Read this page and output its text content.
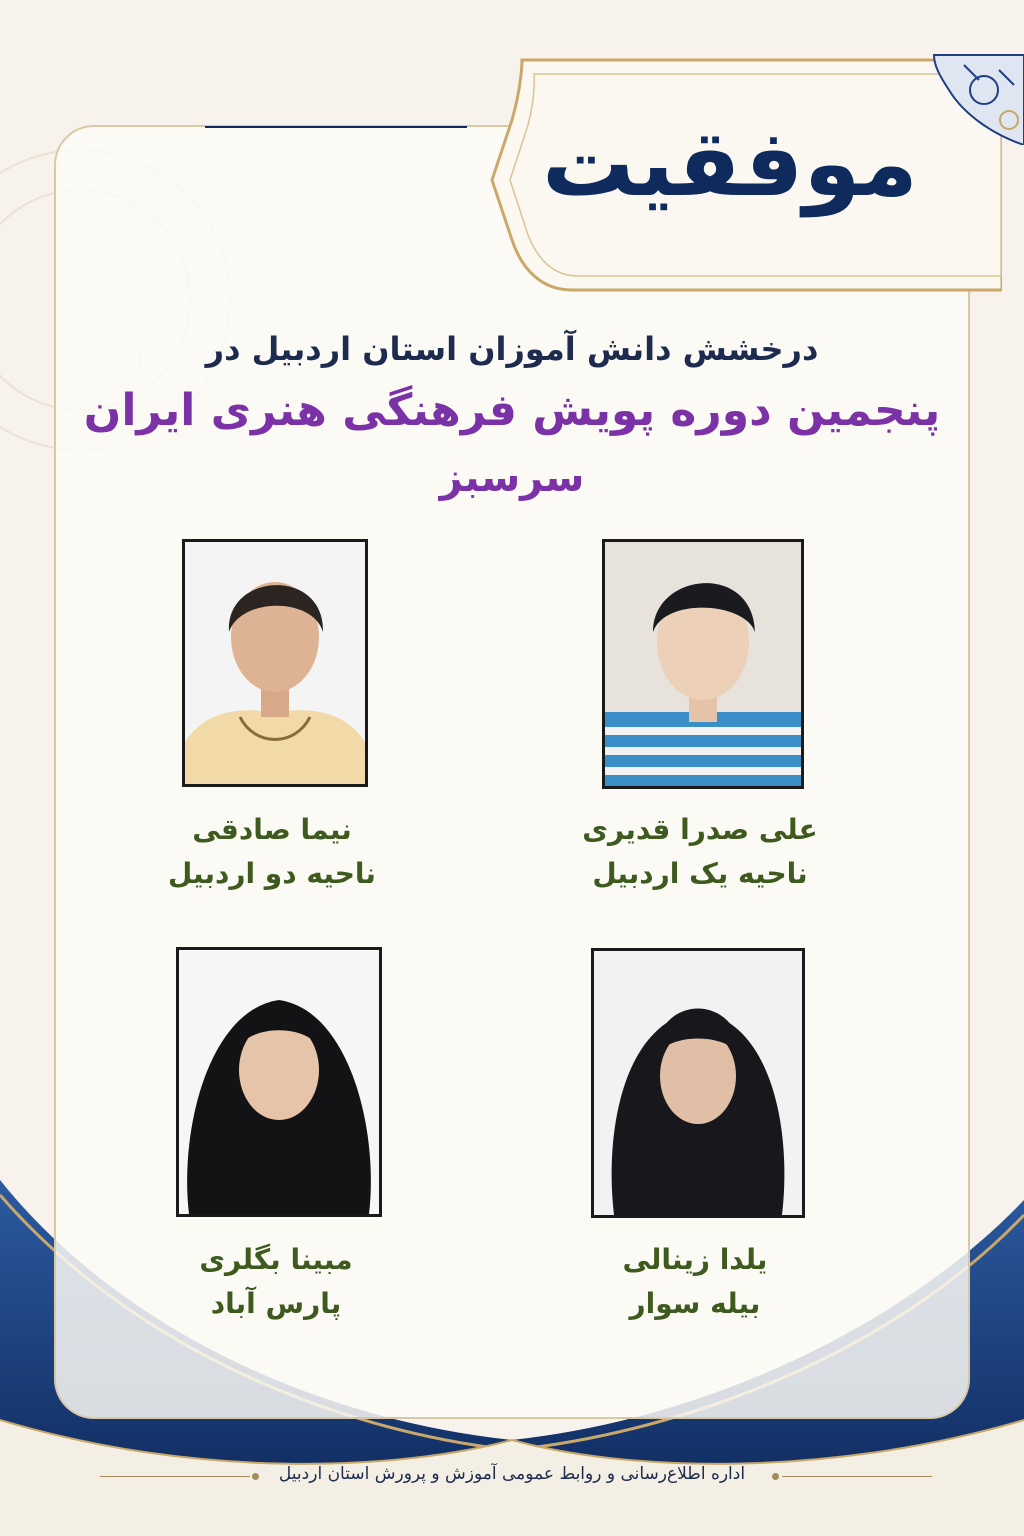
موفقیت
درخشش دانش آموزان استان اردبیل در
پنجمین دوره پویش فرهنگی هنری ایران
سرسبز
علی صدرا قدیری
ناحیه یک اردبیل
نیما صادقی
ناحیه دو اردبیل
یلدا زینالی
بیله سوار
مبینا بگلری
پارس آباد
اداره اطلاع‌رسانی و روابط عمومی آموزش و پرورش استان اردبیل
